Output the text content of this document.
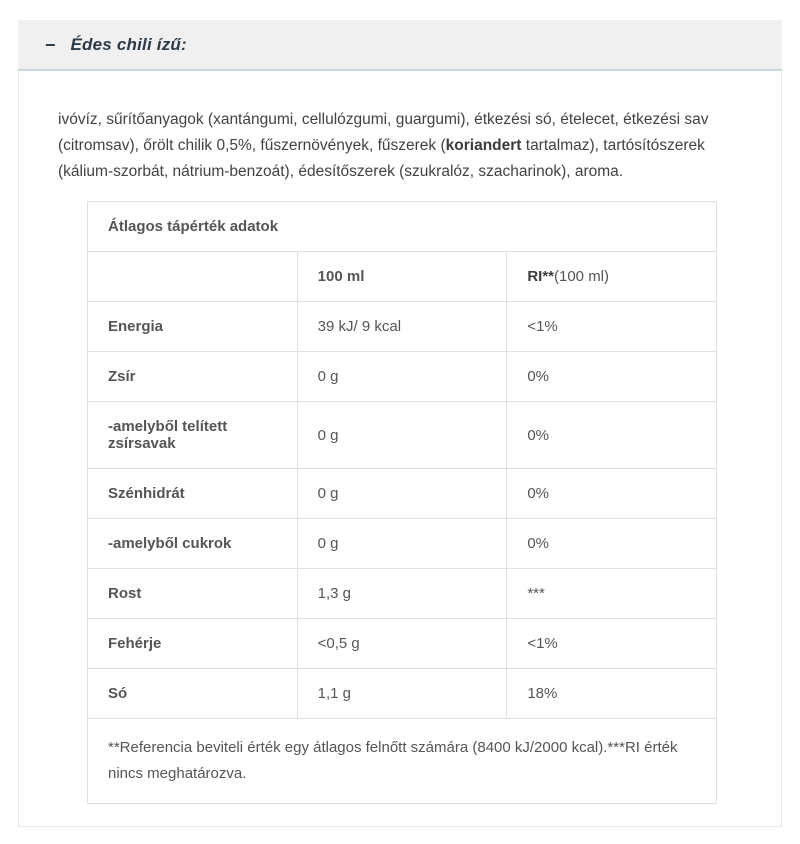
− Édes chili ízű:

ivóvíz, sűrítőanyagok (xantángumi, cellulózgumi, guargumi), étkezési só, ételecet, étkezési sav (citromsav), őrölt chilik 0,5%, fűszernövények, fűszerek (koriandert tartalmaz), tartósítószerek (kálium-szorbát, nátrium-benzoát), édesítőszerek (szukralóz, szacharinok), aroma.

Átlagos tápérték adatok		
	100 ml	RI**(100 ml)
Energia	39 kJ/ 9 kcal	<1%
Zsír	0 g	0%
-amelyből telített zsírsavak	0 g	0%
Szénhidrát	0 g	0%
-amelyből cukrok	0 g	0%
Rost	1,3 g	***
Fehérje	<0,5 g	<1%
Só	1,1 g	18%
**Referencia beviteli érték egy átlagos felnőtt számára (8400 kJ/2000 kcal).***RI érték nincs meghatározva.		
